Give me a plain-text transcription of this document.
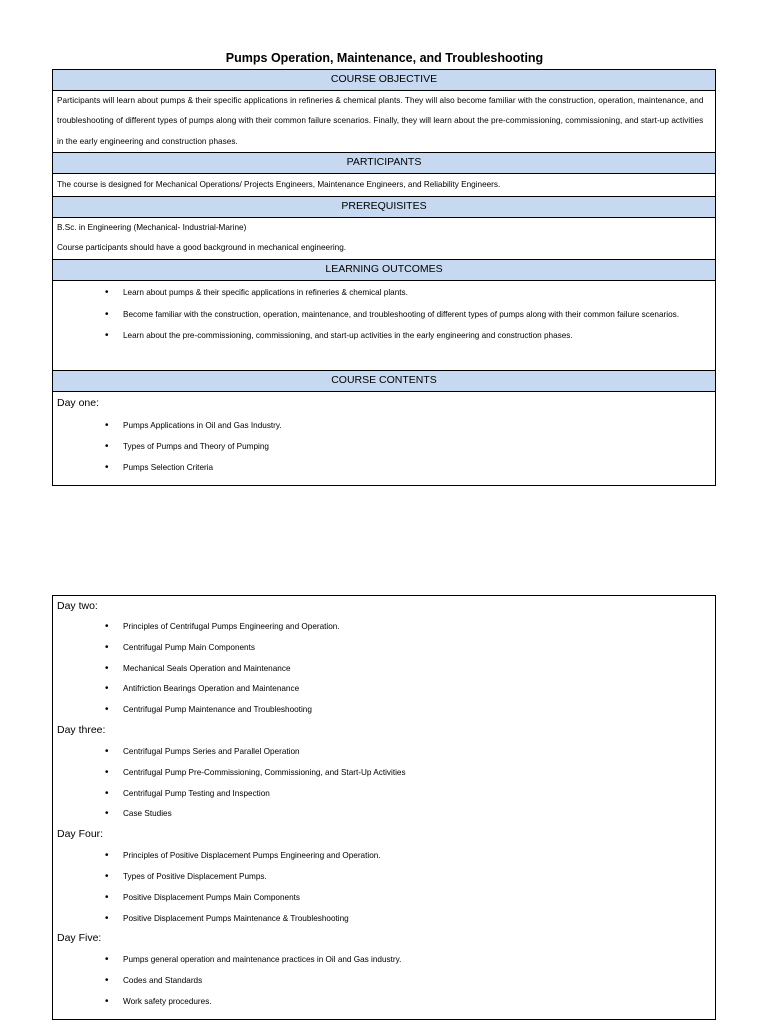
Pumps Operation, Maintenance, and Troubleshooting
COURSE OBJECTIVE
Participants will learn about pumps & their specific applications in refineries & chemical plants. They will also become familiar with the construction, operation, maintenance, and troubleshooting of different types of pumps along with their common failure scenarios. Finally, they will learn about the pre-commissioning, commissioning, and start-up activities in the early engineering and construction phases.
PARTICIPANTS
The course is designed for Mechanical Operations/ Projects Engineers, Maintenance Engineers, and Reliability Engineers.
PREREQUISITES
B.Sc. in Engineering (Mechanical- Industrial-Marine)
Course participants should have a good background in mechanical engineering.
LEARNING OUTCOMES
• Learn about pumps & their specific applications in refineries & chemical plants.
• Become familiar with the construction, operation, maintenance, and troubleshooting of different types of pumps along with their common failure scenarios.
• Learn about the pre-commissioning, commissioning, and start-up activities in the early engineering and construction phases.
COURSE CONTENTS
Day one:
• Pumps Applications in Oil and Gas Industry.
• Types of Pumps and Theory of Pumping
• Pumps Selection Criteria
Day two:
• Principles of Centrifugal Pumps Engineering and Operation.
• Centrifugal Pump Main Components
• Mechanical Seals Operation and Maintenance
• Antifriction Bearings Operation and Maintenance
• Centrifugal Pump Maintenance and Troubleshooting
Day three:
• Centrifugal Pumps Series and Parallel Operation
• Centrifugal Pump Pre-Commissioning, Commissioning, and Start-Up Activities
• Centrifugal Pump Testing and Inspection
• Case Studies
Day Four:
• Principles of Positive Displacement Pumps Engineering and Operation.
• Types of Positive Displacement Pumps.
• Positive Displacement Pumps Main Components
• Positive Displacement Pumps Maintenance & Troubleshooting
Day Five:
• Pumps general operation and maintenance practices in Oil and Gas industry.
• Codes and Standards
• Work safety procedures.
